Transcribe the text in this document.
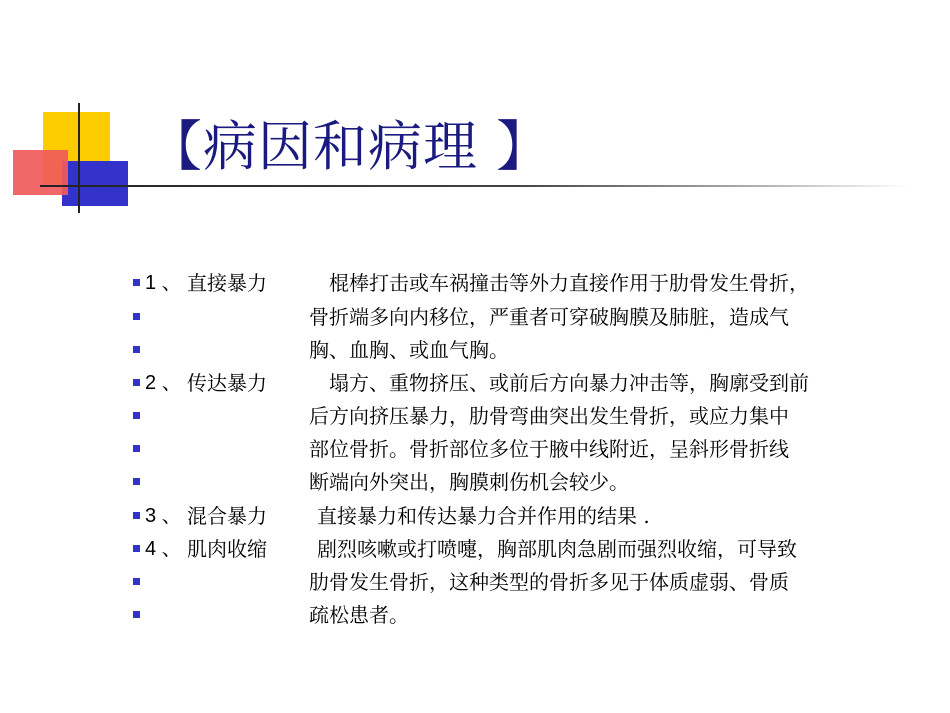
【病因和病理 】
1 、 直接暴力	棍棒打击或车祸撞击等外力直接作用于肋骨发生骨折，
骨折端多向内移位，严重者可穿破胸膜及肺脏，造成气
胸、血胸、或血气胸。
2 、 传达暴力	塌方、重物挤压、或前后方向暴力冲击等，胸廓受到前
后方向挤压暴力，肋骨弯曲突出发生骨折，或应力集中
部位骨折。骨折部位多位于腋中线附近，呈斜形骨折线
断端向外突出，胸膜刺伤机会较少。
3 、 混合暴力	直接暴力和传达暴力合并作用的结果 .
4 、 肌肉收缩	剧烈咳嗽或打喷嚏，胸部肌肉急剧而强烈收缩，可导致
肋骨发生骨折，这种类型的骨折多见于体质虚弱、骨质
疏松患者。
